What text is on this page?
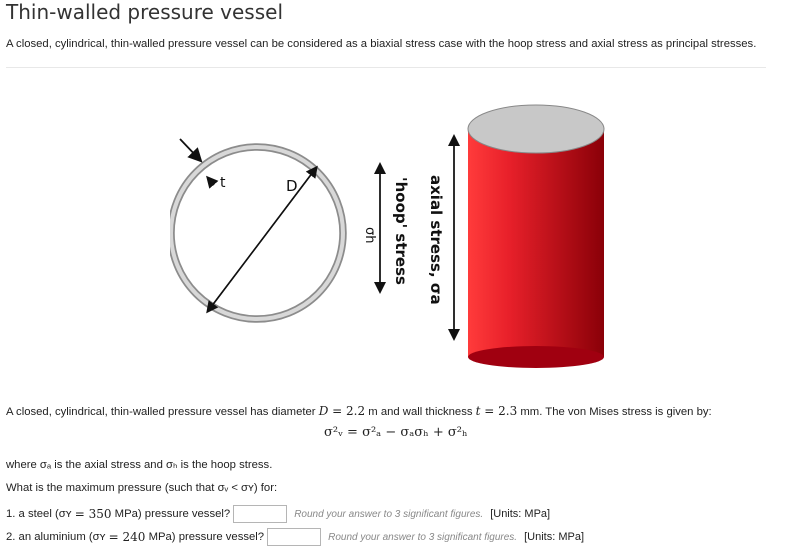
Thin-walled pressure vessel
A closed, cylindrical, thin-walled pressure vessel can be considered as a biaxial stress case with the hoop stress and axial stress as principal stresses.
t	D	'hoop' stress
σh	axial stress, σa
A closed, cylindrical, thin-walled pressure vessel has diameter D = 2.2 m and wall thickness t = 2.3 mm. The von Mises stress is given by:
σ²ᵥ = σ²ₐ − σₐσₕ + σ²ₕ
where σₐ is the axial stress and σₕ is the hoop stress.
What is the maximum pressure (such that σᵥ < σʏ) for:
1. a steel (σʏ
= 350
MPa) pressure vessel?	Round your answer to 3 significant figures. [Units: MPa]
2. an aluminium (σʏ
= 240
MPa) pressure vessel?	Round your answer to 3 significant figures. [Units: MPa]
